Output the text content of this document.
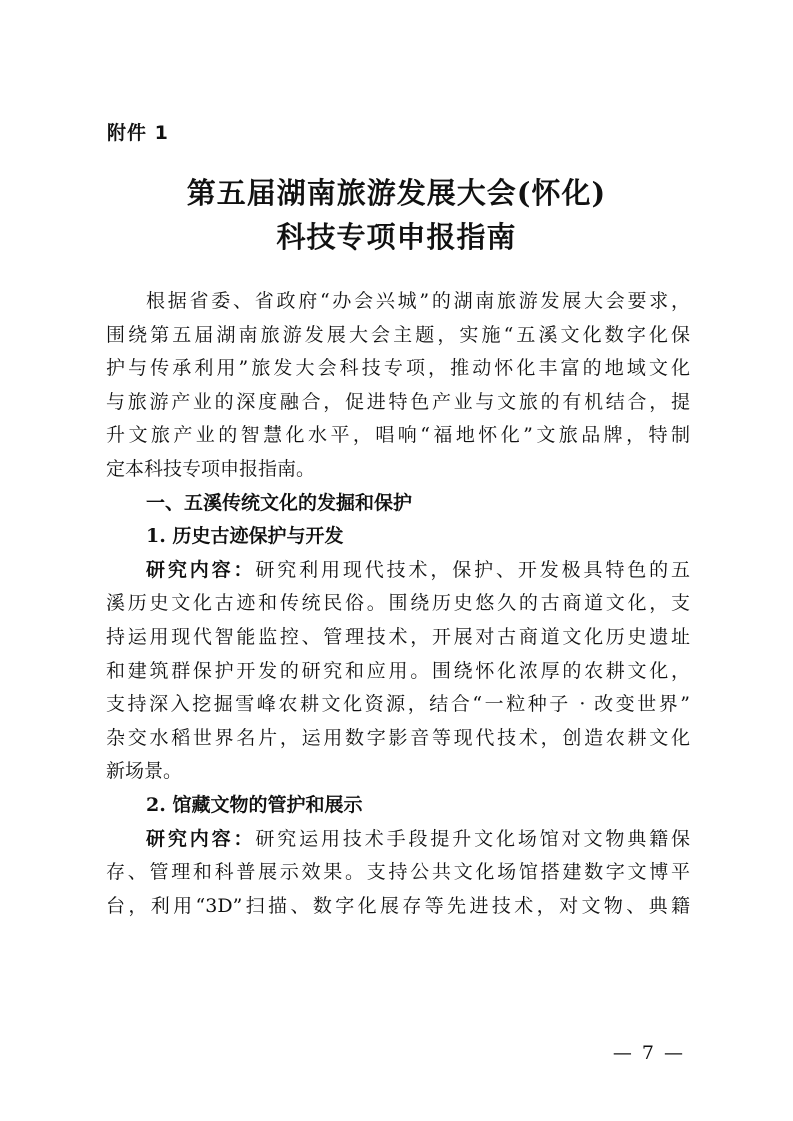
附件 1
第五届湖南旅游发展大会(怀化)
科技专项申报指南
根据省委、省政府“办会兴城”的湖南旅游发展大会要求，
围绕第五届湖南旅游发展大会主题，实施“五溪文化数字化保
护与传承利用”旅发大会科技专项，推动怀化丰富的地域文化
与旅游产业的深度融合，促进特色产业与文旅的有机结合，提
升文旅产业的智慧化水平，唱响“福地怀化”文旅品牌，特制
定本科技专项申报指南。
一、五溪传统文化的发掘和保护
1. 历史古迹保护与开发
研究内容：研究利用现代技术，保护、开发极具特色的五
溪历史文化古迹和传统民俗。围绕历史悠久的古商道文化，支
持运用现代智能监控、管理技术，开展对古商道文化历史遗址
和建筑群保护开发的研究和应用。围绕怀化浓厚的农耕文化，
支持深入挖掘雪峰农耕文化资源，结合“一粒种子 · 改变世界”
杂交水稻世界名片，运用数字影音等现代技术，创造农耕文化
新场景。
2. 馆藏文物的管护和展示
研究内容：研究运用技术手段提升文化场馆对文物典籍保
存、管理和科普展示效果。支持公共文化场馆搭建数字文博平
台，利用“3D”扫描、数字化展存等先进技术，对文物、典籍
— 7 —
